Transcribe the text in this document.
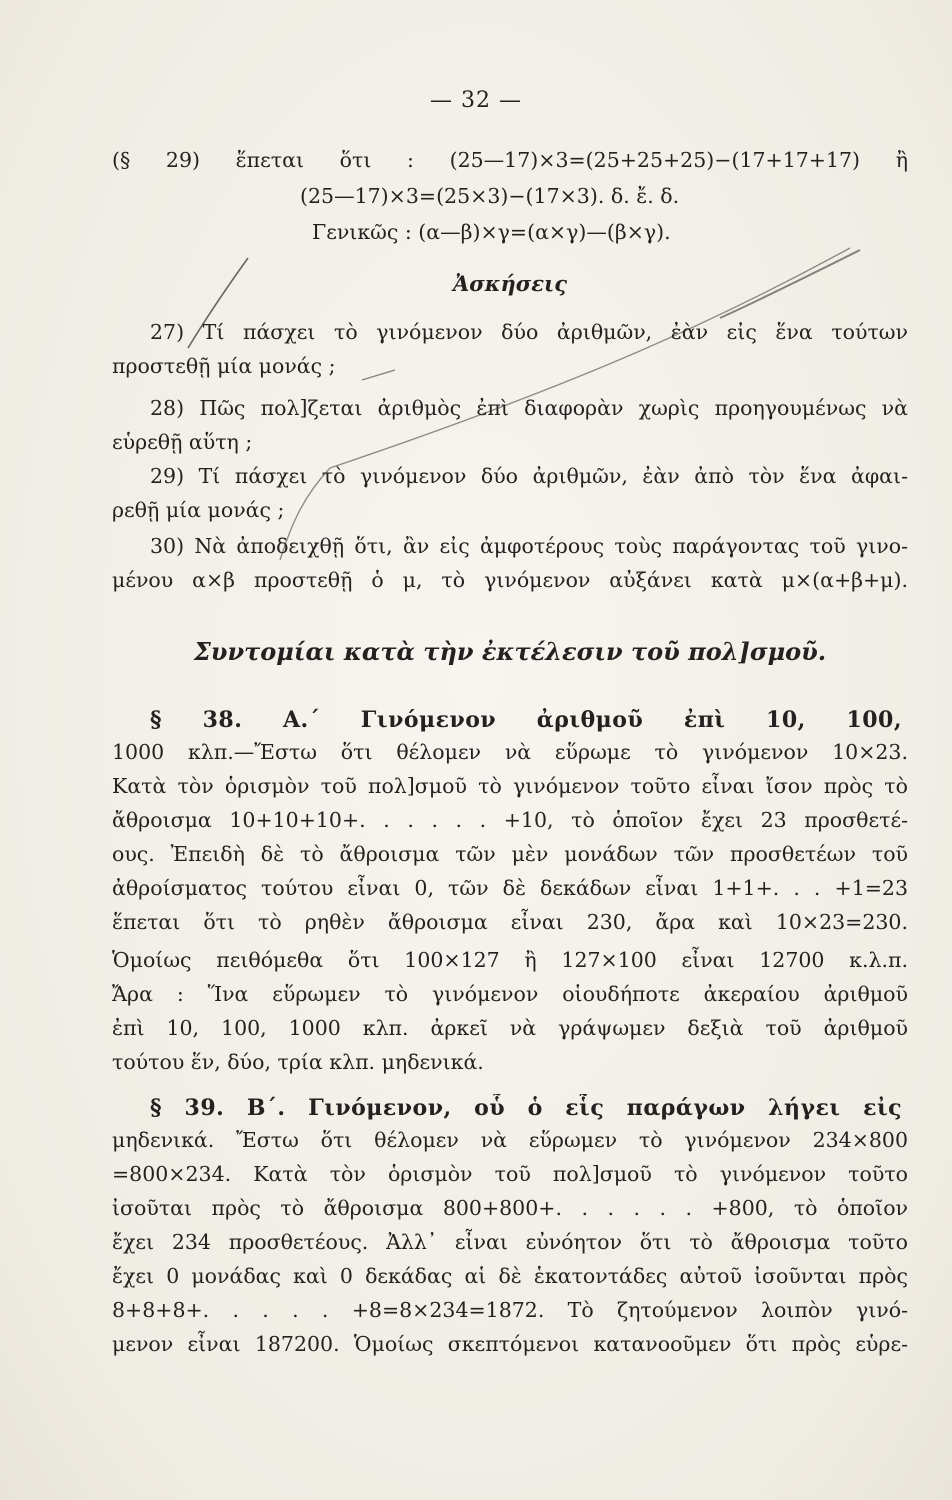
— 32 —
(§ 29) ἕπεται ὅτι : (25—17)×3=(25+25+25)−(17+17+17) ἢ
(25—17)×3=(25×3)−(17×3). δ. ἔ. δ.
Γενικῶς : (α—β)×γ=(α×γ)—(β×γ).
Ἀσκήσεις
27) Τί πάσχει τὸ γινόμενον δύο ἀριθμῶν, ἐὰν εἰς ἕνα τούτων
προστεθῇ μία μονάς ;
28) Πῶς πολ]ζεται ἀριθμὸς ἐπὶ διαφορὰν χωρὶς προηγουμένως νὰ
εὑρεθῇ αὕτη ;
29) Τί πάσχει τὸ γινόμενον δύο ἀριθμῶν, ἐὰν ἀπὸ τὸν ἕνα ἀφαι-
ρεθῇ μία μονάς ;
30) Νὰ ἀποδειχθῇ ὅτι, ἂν εἰς ἀμφοτέρους τοὺς παράγοντας τοῦ γινο-
μένου α×β προστεθῇ ὁ μ, τὸ γινόμενον αὐξάνει κατὰ μ×(α+β+μ).
Συντομίαι κατὰ τὴν ἐκτέλεσιν τοῦ πολ]σμοῦ.
§ 38. Α.΄ Γινόμενον ἀριθμοῦ ἐπὶ 10, 100,
1000 κλπ.—Ἔστω ὅτι θέλομεν νὰ εὕρωμε τὸ γινόμενον 10×23.
Κατὰ τὸν ὁρισμὸν τοῦ πολ]σμοῦ τὸ γινόμενον τοῦτο εἶναι ἴσον πρὸς τὸ
ἄθροισμα 10+10+10+. . . . . . +10, τὸ ὁποῖον ἔχει 23 προσθετέ-
ους. Ἐπειδὴ δὲ τὸ ἄθροισμα τῶν μὲν μονάδων τῶν προσθετέων τοῦ
ἀθροίσματος τούτου εἶναι 0, τῶν δὲ δεκάδων εἶναι 1+1+. . . +1=23
ἕπεται ὅτι τὸ ρηθὲν ἄθροισμα εἶναι 230, ἄρα καὶ 10×23=230.
Ὁμοίως πειθόμεθα ὅτι 100×127 ἢ 127×100 εἶναι 12700 κ.λ.π.
Ἄρα : Ἵνα εὕρωμεν τὸ γινόμενον οἱουδήποτε ἀκεραίου ἀριθμοῦ
ἐπὶ 10, 100, 1000 κλπ. ἀρκεῖ νὰ γράψωμεν δεξιὰ τοῦ ἀριθμοῦ
τούτου ἕν, δύο, τρία κλπ. μηδενικά.
§ 39. Β΄. Γινόμενον, οὗ ὁ εἷς παράγων λήγει εἰς
μηδενικά. Ἔστω ὅτι θέλομεν νὰ εὕρωμεν τὸ γινόμενον 234×800
=800×234. Κατὰ τὸν ὁρισμὸν τοῦ πολ]σμοῦ τὸ γινόμενον τοῦτο
ἰσοῦται πρὸς τὸ ἄθροισμα 800+800+. . . . . . +800, τὸ ὁποῖον
ἔχει 234 προσθετέους. Ἀλλ᾽ εἶναι εὐνόητον ὅτι τὸ ἄθροισμα τοῦτο
ἔχει 0 μονάδας καὶ 0 δεκάδας αἱ δὲ ἑκατοντάδες αὐτοῦ ἰσοῦνται πρὸς
8+8+8+. . . . . +8=8×234=1872. Τὸ ζητούμενον λοιπὸν γινό-
μενον εἶναι 187200. Ὁμοίως σκεπτόμενοι κατανοοῦμεν ὅτι πρὸς εὑρε-
